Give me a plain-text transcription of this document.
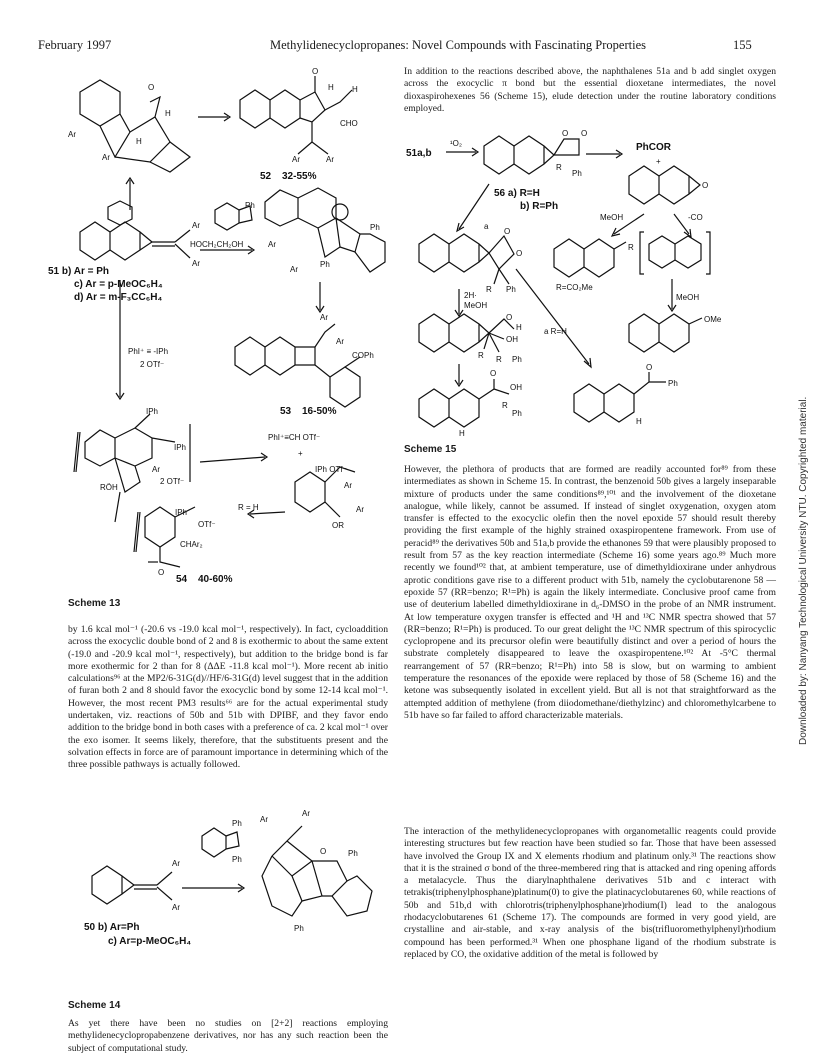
February 1997	Methylidenecyclopropanes: Novel Compounds with Fascinating Properties	155
Ar
Ar
O
H
H
O
H H
CHO
Ar	Ar
52 32-55%
Ar
Ar
Ph
HOCH₂CH₂OH	Ar
Ar
Ph
Ph
51 b) Ar = Ph
c) Ar = p-MeOC₆H₄
d) Ar = m-F₃CC₆H₄
Ar
Ar
COPh
53 16-50%
PhI⁺ ≡ -IPh
2 OTf⁻
IPh
IPh
Ar
2 OTf⁻
RÖH
PhI⁺≡CH OTf⁻
+
IPh OTf⁻
Ar
Ar
OR
R = H
IPh
OTf⁻
CHAr₂
O
54 40-60%
Scheme 13

by 1.6 kcal mol⁻¹ (-20.6 vs -19.0 kcal mol⁻¹, respectively). In fact, cycloaddition across the exocyclic double bond of 2 and 8 is exothermic to about the same extent (-19.0 and -20.9 kcal mol⁻¹, respectively), but addition to the bridge bond is far more exothermic for 2 than for 8 (ΔΔE -11.8 kcal mol⁻¹). More recent ab initio calculations⁹⁶ at the MP2/6-31G(d)//HF/6-31G(d) level suggest that in the addition of furan both 2 and 8 should favor the exocyclic bond by some 12-14 kcal mol⁻¹. However, the most recent PM3 results⁶⁶ are for the actual experimental study undertaken, viz. reactions of 50b and 51b with DPIBF, and they favor endo addition to the bridge bond in both cases with a preference of ca. 2 kcal mol⁻¹ over the exo isomer. It seems likely, therefore, that the substituents present and the solvation effects in force are of paramount importance in determining which of the three possible pathways is actually followed.

Ar
Ar
Ph
Ph
Ar
Ar
O	Ph
Ph
50 b) Ar=Ph
c) Ar=p-MeOC₆H₄
Scheme 14

As yet there have been no studies on [2+2] reactions employing methylidenecyclopropabenzene derivatives, nor has any such reaction been the subject of computational study.

In addition to the reactions described above, the naphthalenes 51a and b add singlet oxygen across the exocyclic π bond but the essential dioxetane intermediates, the novel dioxaspirohexenes 56 (Scheme 15), elude detection under the routine laboratory conditions employed.

51a,b
¹O₂
O O
R
Ph
PhCOR
+
O
56 a) R=H
b) R=Ph
MeOH	-CO
R
R=CO₂Me
MeOH
OMe
a
O
O
R Ph
2H·
MeOH
a R=H
O
H
OH
R R Ph
O
OH
R
Ph
H
O
Ph
H
Scheme 15

However, the plethora of products that are formed are readily accounted for⁸⁹ from these intermediates as shown in Scheme 15. In contrast, the benzenoid 50b gives a largely inseparable mixture of products under the same conditions⁸⁹,¹⁰¹ and the involvement of the dioxetane analogue, while likely, cannot be assumed. If instead of singlet oxygenation, oxygen atom transfer is effected to the exocyclic olefin then the novel epoxide 57 should result thereby providing the first example of the highly strained oxaspiropentene framework. From use of peracid⁸⁹ the derivatives 50b and 51a,b provide the ethanones 59 that were plausibly proposed to result from 57 as the key reaction intermediate (Scheme 16) some years ago.⁸⁹ Much more recently we found¹⁰² that, at ambient temperature, use of dimethyldioxirane under anhydrous aprotic conditions gave rise to a different product with 51b, namely the cyclobutarenone 58 — epoxide 57 (RR=benzo; R¹=Ph) is again the likely intermediate. Conclusive proof came from use of deuterium labelled dimethyldioxirane in d₆-DMSO in the probe of an NMR instrument. At low temperature oxygen transfer is effected and ¹H and ¹³C NMR spectra showed that 57 (RR=benzo; R¹=Ph) is produced. To our great delight the ¹³C NMR spectrum of this spirocyclic cyclopropene and its precursor olefin were beautifully distinct and over a period of hours the substrate completely disappeared to leave the oxaspiropentene.¹⁰² At -5°C thermal rearrangement of 57 (RR=benzo; R¹=Ph) into 58 is slow, but on warming to ambient temperature the resonances of the epoxide were replaced by those of 58 (Scheme 16) and the ketone was subsequently isolated in excellent yield. But all is not that straightforward as the attempted addition of methylene (from diiodomethane/diethylzinc) and chloromethylcarbene to 51b have so far failed to afford characterizable materials.

The interaction of the methylidenecyclopropanes with organometallic reagents could provide interesting structures but few reaction have been studied so far. Those that have been assessed have involved the Group IX and X elements rhodium and platinum only.³¹ The reactions show that it is the strained σ bond of the three-membered ring that is attacked and ring opening affords a metalacycle. Thus the diarylnaphthalene derivatives 51b and c interact with tetrakis(triphenylphosphane)platinum(0) to give the platinacyclobutarenes 60, while reactions of 50b and 51b,d with chlorotris(triphenylphosphane)rhodium(I) lead to the analogous rhodacyclobutarenes 61 (Scheme 17). The compounds are formed in very good yield, are crystalline and air-stable, and x-ray analysis of the bis(trifluoromethylphenyl)rhodium compound has been performed.³¹ When one phosphane ligand of the rhodium substrate is replaced by CO, the oxidative addition of the metal is followed by

Downloaded by: Nanyang Technological University NTU. Copyrighted material.
